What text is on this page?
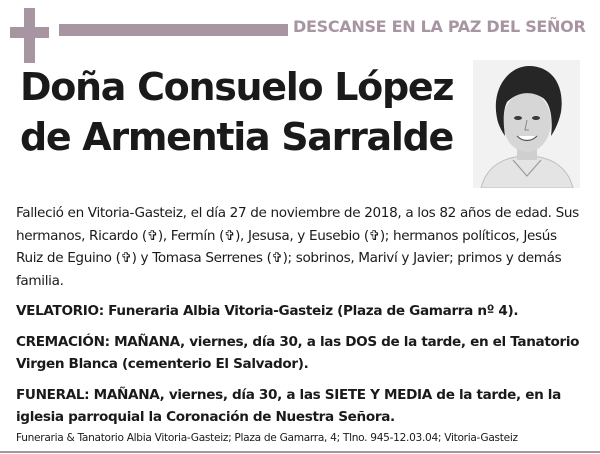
DESCANSE EN LA PAZ DEL SEÑOR
Doña Consuelo López
de Armentia Sarralde

Falleció en Vitoria-Gasteiz, el día 27 de noviembre de 2018, a los 82 años de edad. Sus hermanos, Ricardo (✞), Fermín (✞), Jesusa, y Eusebio (✞); hermanos políticos, Jesús Ruiz de Eguino (✞) y Tomasa Serrenes (✞); sobrinos, Mariví y Javier; primos y demás familia.

VELATORIO: Funeraria Albia Vitoria-Gasteiz (Plaza de Gamarra nº 4).

CREMACIÓN: MAÑANA, viernes, día 30, a las DOS de la tarde, en el Tanatorio Virgen Blanca (cementerio El Salvador).

FUNERAL: MAÑANA, viernes, día 30, a las SIETE Y MEDIA de la tarde, en la iglesia parroquial la Coronación de Nuestra Señora.

Funeraria & Tanatorio Albia Vitoria-Gasteiz; Plaza de Gamarra, 4; Tlno. 945-12.03.04; Vitoria-Gasteiz
